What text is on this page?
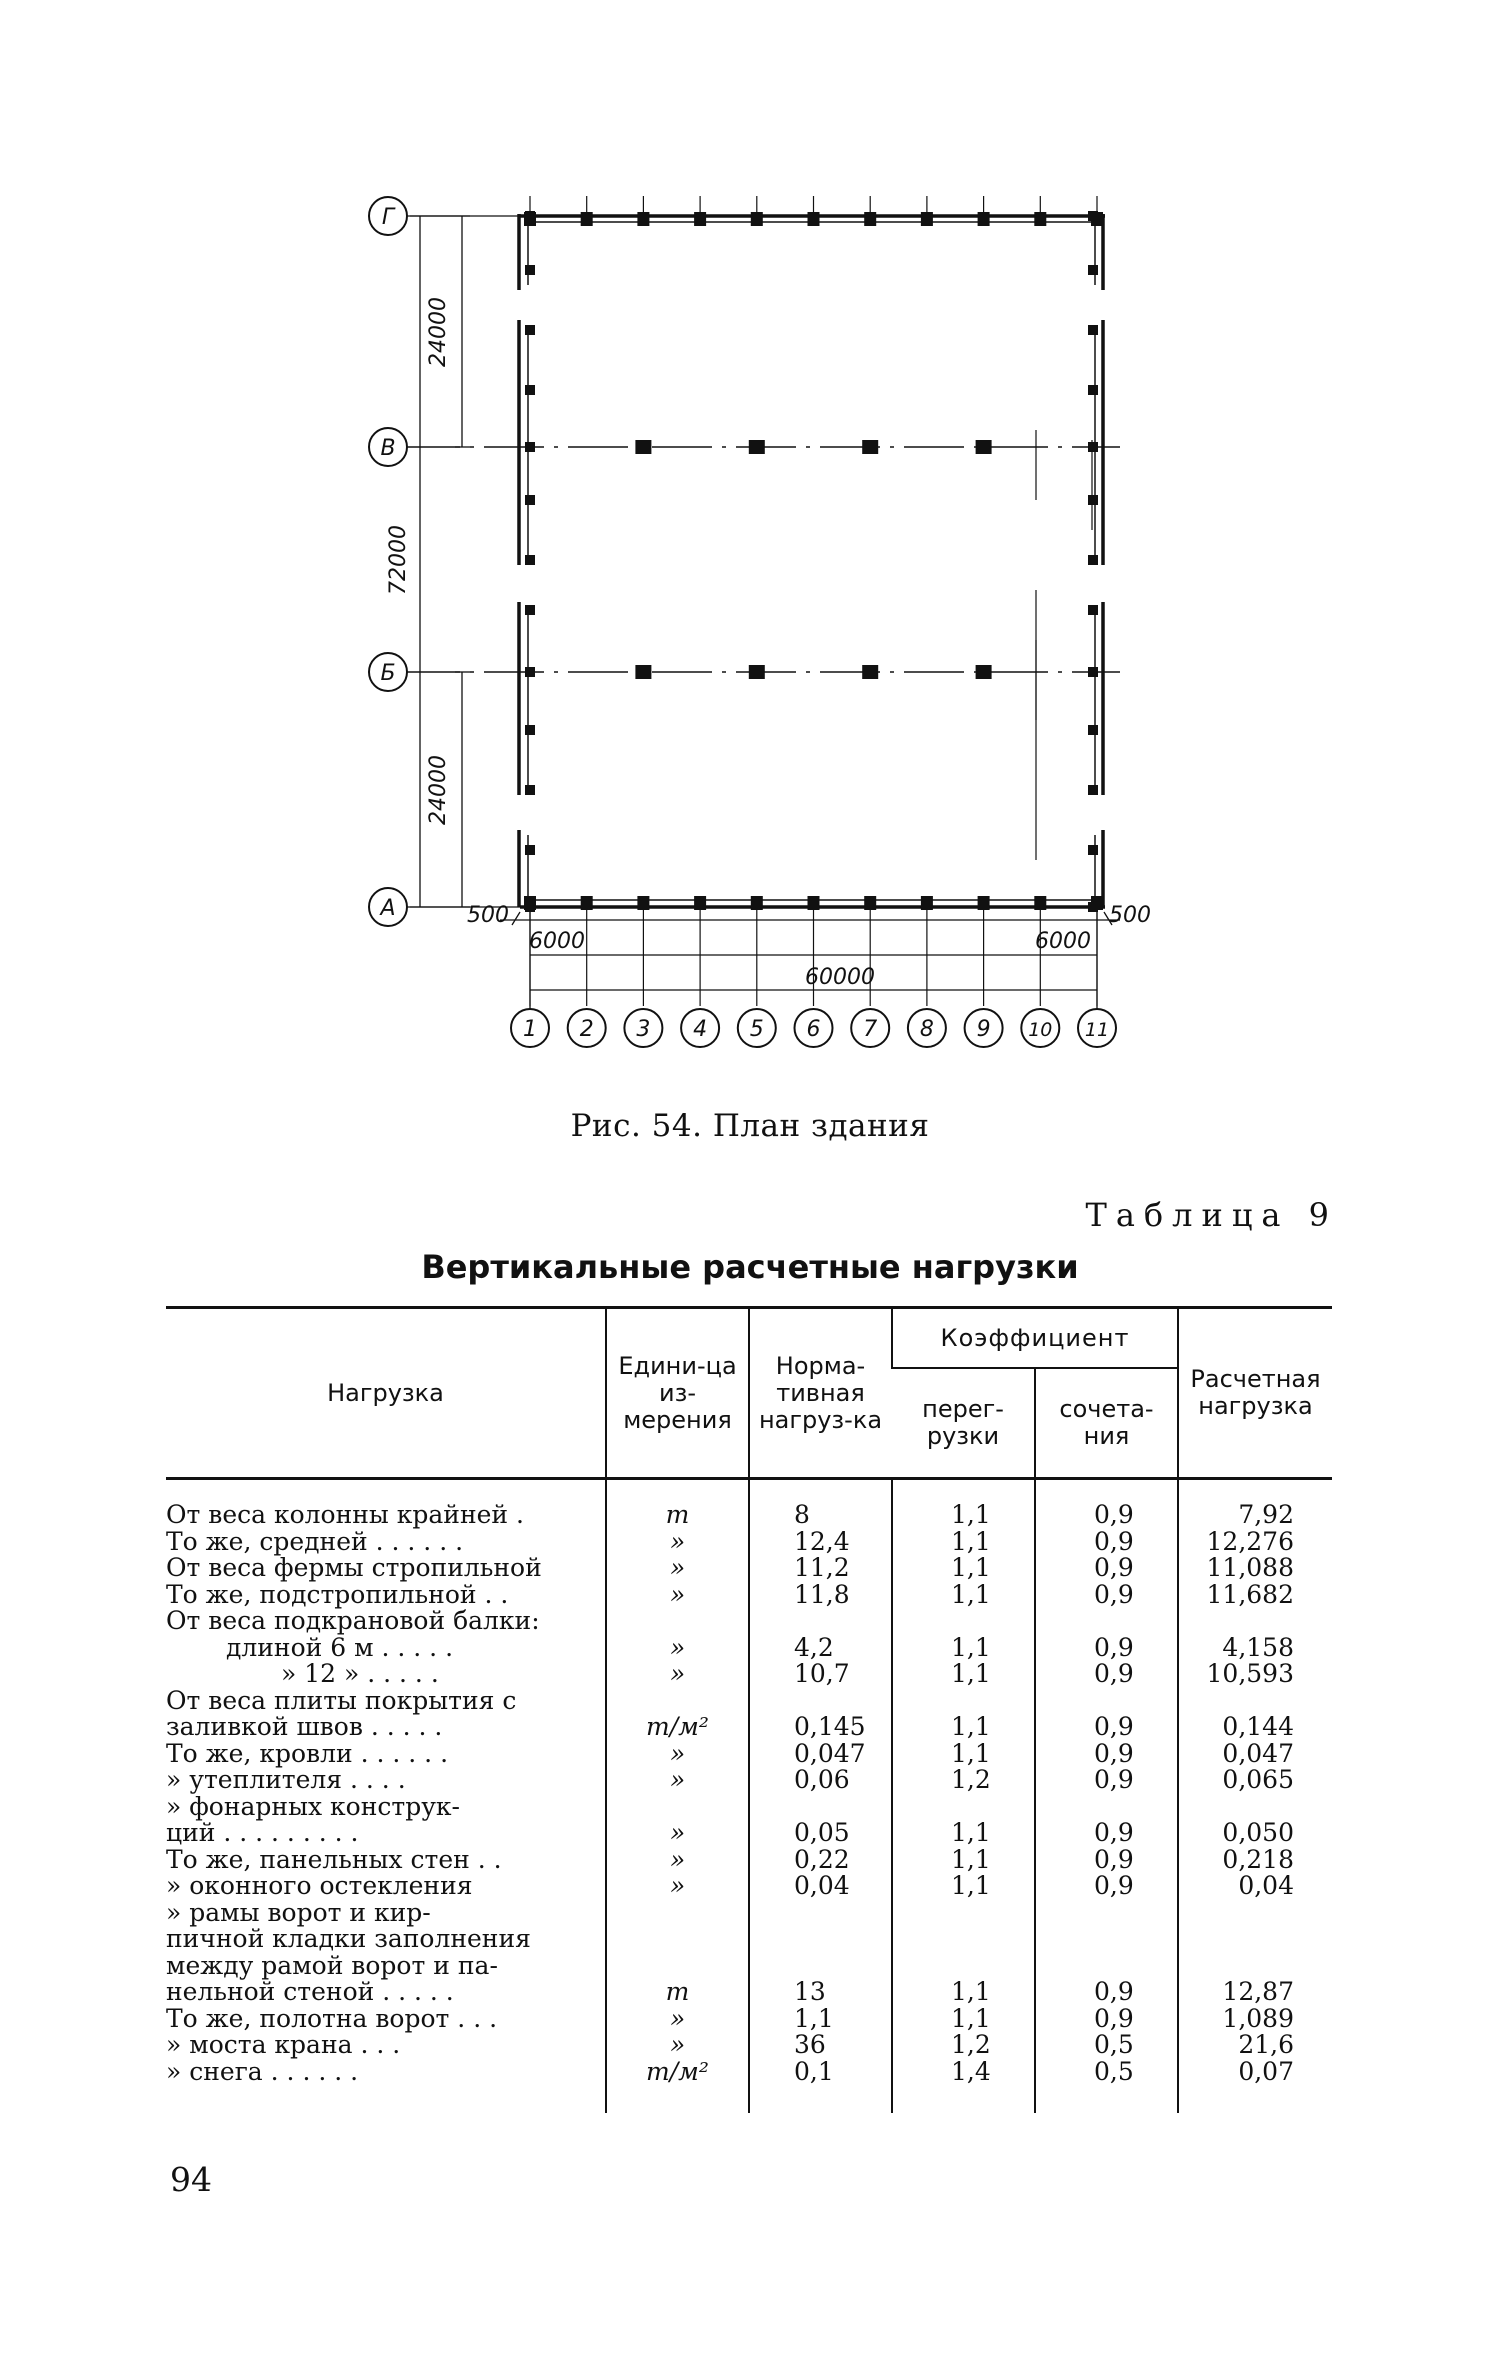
Г
В
Б
А
1 2 3 4 5 6 7 8 9 10 11
24000
72000
24000
500	500
6000	6000
60000
Рис. 54. План здания
Таблица 9
Вертикальные расчетные нагрузки
Нагрузка	Едини-ца из-мерения	Норма-тивная нагруз-ка	Коэффициент		Расчетная нагрузка
			перег-рузки	сочета-ния	

От веса колонны крайней .	т	8	1,1	0,9	7,92

То же, средней . . . . . .	»	12,4	1,1	0,9	12,276

От веса фермы стропильной	»	11,2	1,1	0,9	11,088

То же, подстропильной . .	»	11,8	1,1	0,9	11,682

От веса подкрановой балки:
длиной 6 м . . . . .	»	4,2	1,1	0,9	4,158

» 12 » . . . . .	»	10,7	1,1	0,9	10,593

От веса плиты покрытия с
заливкой швов . . . . .	т/м²	0,145	1,1	0,9	0,144

То же, кровли . . . . . .	»	0,047	1,1	0,9	0,047

» утеплителя . . . .	»	0,06	1,2	0,9	0,065

» фонарных конструк-
ций . . . . . . . . .	»	0,05	1,1	0,9	0,050

То же, панельных стен . .	»	0,22	1,1	0,9	0,218

» оконного остекления	»	0,04	1,1	0,9	0,04

» рамы ворот и кир-
пичной кладки заполнения
между рамой ворот и па-
нельной стеной . . . . .	т	13	1,1	0,9	12,87

То же, полотна ворот . . .	»	1,1	1,1	0,9	1,089

» моста крана . . .	»	36	1,2	0,5	21,6

» снега . . . . . .	т/м²	0,1	1,4	0,5	0,07
94
